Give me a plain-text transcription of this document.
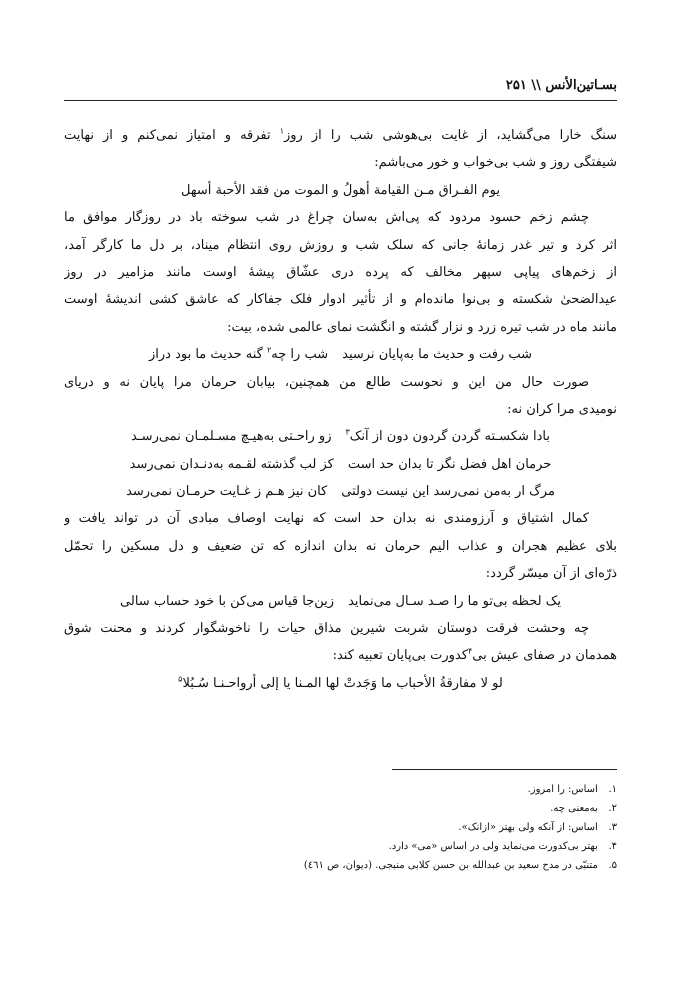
بسـاتین‌الأنس \\ ۲۵۱
سنگ خارا می‌گشاید، از غایت بی‌هوشی شب را از روز$^۱$ تفرقه و امتیاز نمی‌کنم و از نهایت
شیفتگی روز و شب بی‌خواب و خور می‌باشم:
یوم الفـراق مـن القیامة أهولُ و الموت من فقد الأحبة أسهل
چشم زخم حسود مردود که پی‌اش به‌سان چراغ در شب سوخته باد در روزگار موافق ما
اثر کرد و تیر غدر زمانهٔ جانی که سلک شب و روزش روی انتظام میناد، بر دل ما کارگر آمد،
از زخم‌های پیاپی سپهر مخالف که پرده دری عشّاق پیشهٔ اوست مانند مزامیر در روز
عیدالضحیٰ شکسته و بی‌نوا مانده‌ام و از تأثیر ادوار فلک جفاکار که عاشق کشی اندیشهٔ اوست
مانند ماه در شب تیره زرد و نزار گشته و انگشت نمای عالمی شده، بیت:
شب رفت و حدیث ما به‌پایان نرسید
شب را چه$^۲$ گنه حدیث ما بود دراز
صورت حال من این و نحوست طالع من همچنین، بیابان حرمان مرا پایان نه و دریای
نومیدی مرا کران نه:
بادا شکسـته گردن گردون دون از آنک$^۳$
زو راحـتی به‌هیـچ مسـلمـان نمی‌رسـد
حرمان اهل فضل نگر تا بدان حد است
کز لب گذشته لقـمه به‌دنـدان نمی‌رسد
مرگ ار به‌من نمی‌رسد این نیست دولتی
کان نیز هـم ز غـایت حرمـان نمی‌رسد
کمال اشتیاق و آرزومندی نه بدان حد است که نهایت اوصاف مبادی آن در تواند یافت و
بلای عظیم هجران و عذاب الیم حرمان نه بدان اندازه که تن ضعیف و دل مسکین را تحمّل
ذرّه‌ای از آن میسّر گردد:
یک لحظه بی‌تو ما را صـد سـال می‌نماید
زین‌جا قیاس می‌کن با خود حساب سالی
چه وحشت فرقت دوستان شربت شیرین مذاق حیات را ناخوشگوار کردند و محنت شوق
همدمان در صفای عیش بی$^۴$کدورت بی‌پایان تعبیه کند:
لو لا مفارقةُ الأحباب ما وَجَدتْ لها المـنا یا إلی أرواحـنـا سُـبُلا$^۵$
۱. اساس: را امروز.
۲. به‌معنی چه.
۳. اساس: از آنکه ولی بهتر «ازانک».
۴. بهتر بی‌کدورت می‌نماید ولی در اساس «می» دارد.
۵. متنبّی در مدح سعید بن عبدالله بن حسن کلابی منبجی. (دیوان، ص ٤٦١)
